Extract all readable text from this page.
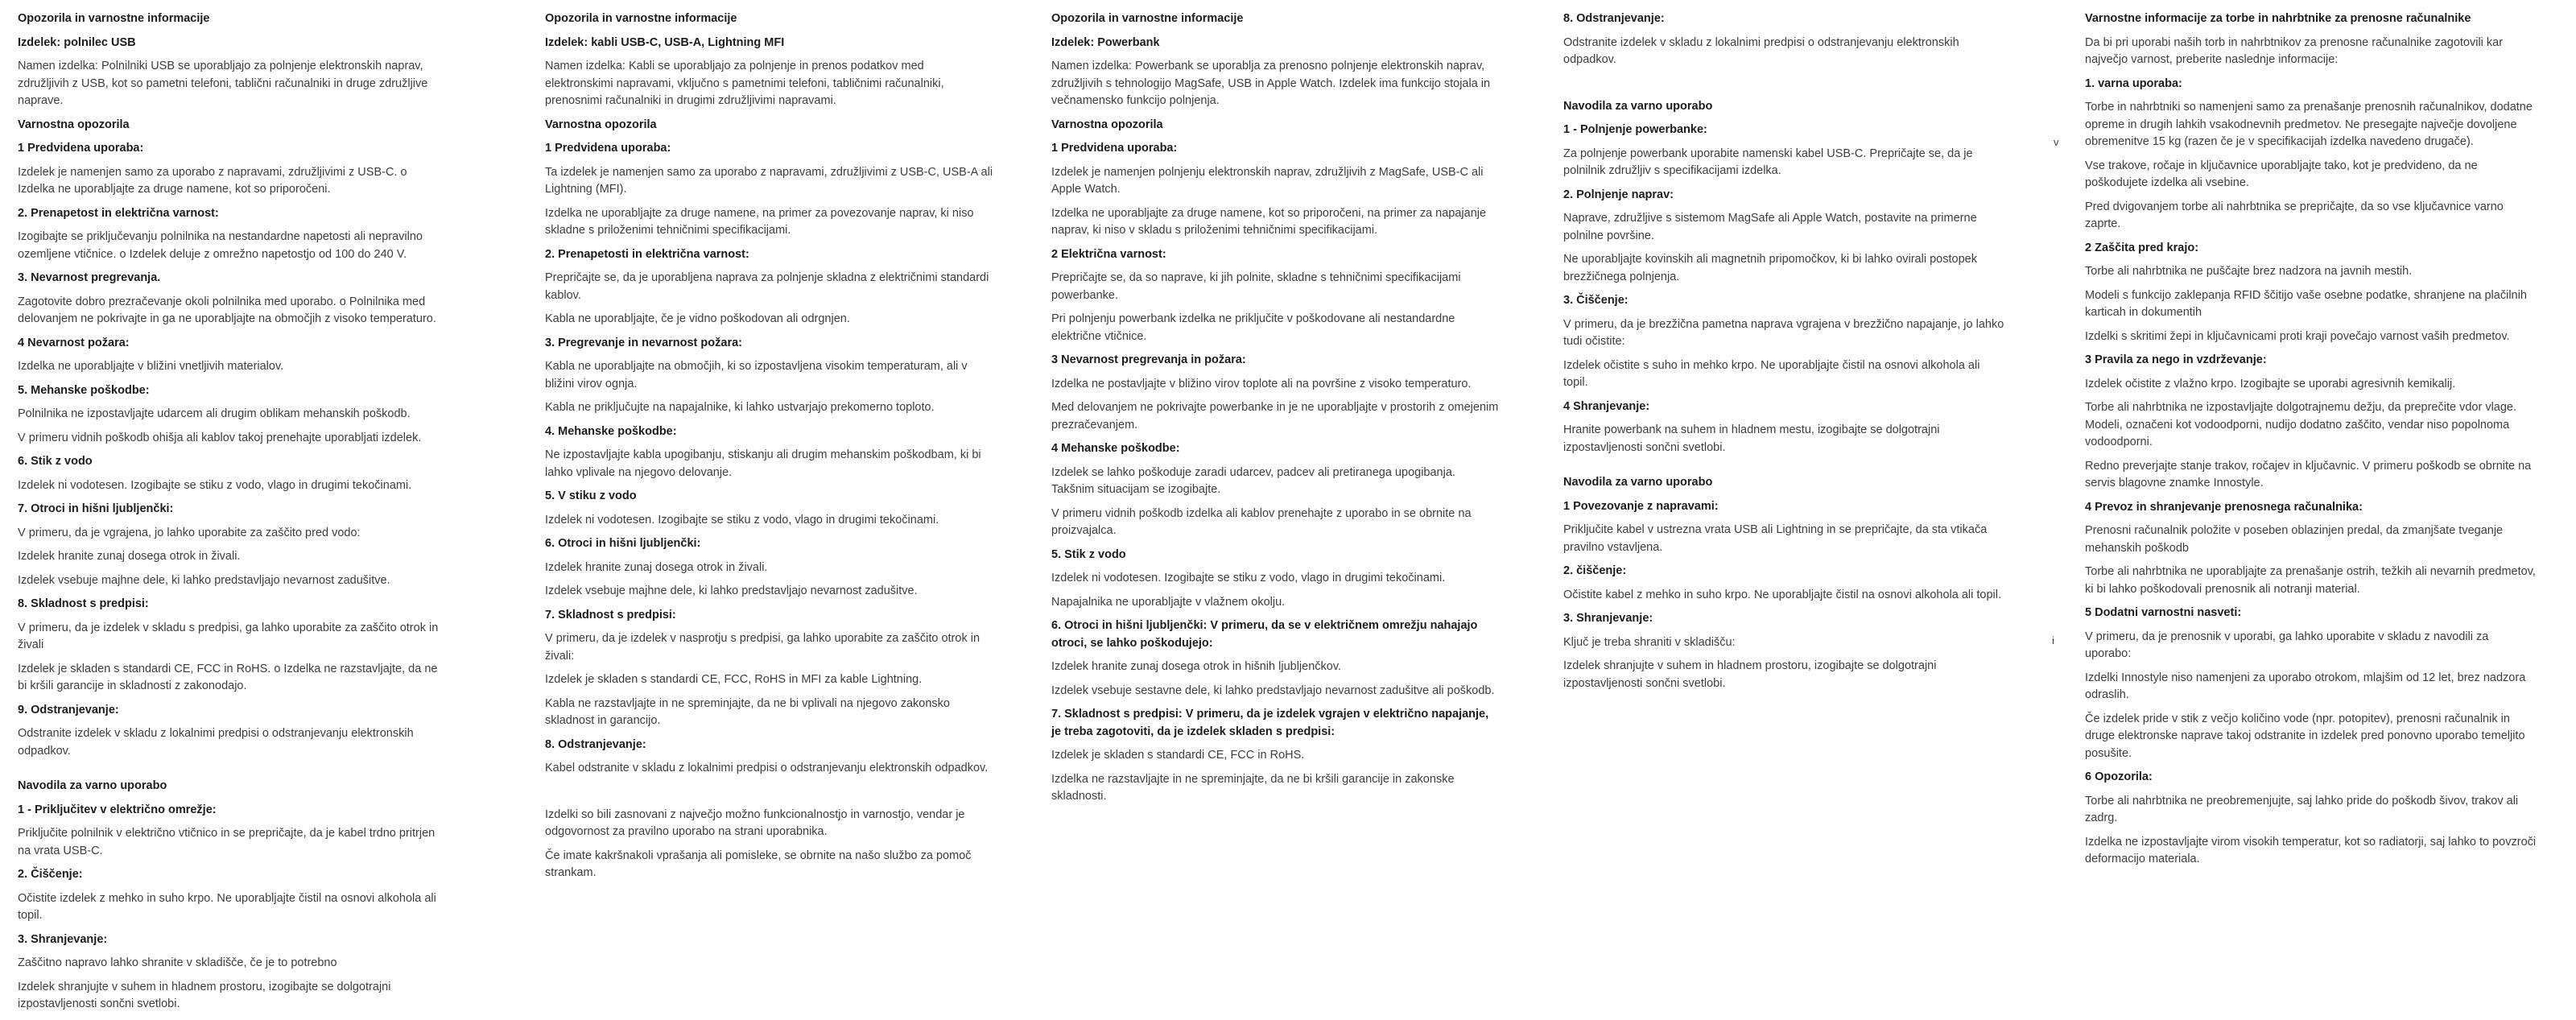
Opozorila in varnostne informacije
Izdelek: polnilec USB
Namen izdelka: Polnilniki USB se uporabljajo za polnjenje elektronskih naprav, združljivih z USB, kot so pametni telefoni, tablični računalniki in druge združljive naprave.
Varnostna opozorila
1 Predvidena uporaba:
Izdelek je namenjen samo za uporabo z napravami, združljivimi z USB-C. o Izdelka ne uporabljajte za druge namene, kot so priporočeni.
2. Prenapetost in električna varnost:
Izogibajte se priključevanju polnilnika na nestandardne napetosti ali nepravilno ozemljene vtičnice. o Izdelek deluje z omrežno napetostjo od 100 do 240 V.
3. Nevarnost pregrevanja.
Zagotovite dobro prezračevanje okoli polnilnika med uporabo. o Polnilnika med delovanjem ne pokrivajte in ga ne uporabljajte na območjih z visoko temperaturo.
4 Nevarnost požara:
Izdelka ne uporabljajte v bližini vnetljivih materialov.
5. Mehanske poškodbe:
Polnilnika ne izpostavljajte udarcem ali drugim oblikam mehanskih poškodb.
V primeru vidnih poškodb ohišja ali kablov takoj prenehajte uporabljati izdelek.
6. Stik z vodo
Izdelek ni vodotesen. Izogibajte se stiku z vodo, vlago in drugimi tekočinami.
7. Otroci in hišni ljubljenčki:
V primeru, da je vgrajena, jo lahko uporabite za zaščito pred vodo:
Izdelek hranite zunaj dosega otrok in živali.
Izdelek vsebuje majhne dele, ki lahko predstavljajo nevarnost zadušitve.
8. Skladnost s predpisi:
V primeru, da je izdelek v skladu s predpisi, ga lahko uporabite za zaščito otrok in živali
Izdelek je skladen s standardi CE, FCC in RoHS. o Izdelka ne razstavljajte, da ne bi kršili garancije in skladnosti z zakonodajo.
9. Odstranjevanje:
Odstranite izdelek v skladu z lokalnimi predpisi o odstranjevanju elektronskih odpadkov.
Navodila za varno uporabo
1 - Priključitev v električno omrežje:
Priključite polnilnik v električno vtičnico in se prepričajte, da je kabel trdno pritrjen na vrata USB-C.
2. Čiščenje:
Očistite izdelek z mehko in suho krpo. Ne uporabljajte čistil na osnovi alkohola ali topil.
3. Shranjevanje:
Zaščitno napravo lahko shranite v skladišče, če je to potrebno
Izdelek shranjujte v suhem in hladnem prostoru, izogibajte se dolgotrajni izpostavljenosti sončni svetlobi.
Opozorila in varnostne informacije
Izdelek: kabli USB-C, USB-A, Lightning MFI
Namen izdelka: Kabli se uporabljajo za polnjenje in prenos podatkov med elektronskimi napravami, vključno s pametnimi telefoni, tabličnimi računalniki, prenosnimi računalniki in drugimi združljivimi napravami.
Varnostna opozorila
1 Predvidena uporaba:
Ta izdelek je namenjen samo za uporabo z napravami, združljivimi z USB-C, USB-A ali Lightning (MFI).
Izdelka ne uporabljajte za druge namene, na primer za povezovanje naprav, ki niso skladne s priloženimi tehničnimi specifikacijami.
2. Prenapetosti in električna varnost:
Prepričajte se, da je uporabljena naprava za polnjenje skladna z električnimi standardi kablov.
Kabla ne uporabljajte, če je vidno poškodovan ali odrgnjen.
3. Pregrevanje in nevarnost požara:
Kabla ne uporabljajte na območjih, ki so izpostavljena visokim temperaturam, ali v bližini virov ognja.
Kabla ne priključujte na napajalnike, ki lahko ustvarjajo prekomerno toploto.
4. Mehanske poškodbe:
Ne izpostavljajte kabla upogibanju, stiskanju ali drugim mehanskim poškodbam, ki bi lahko vplivale na njegovo delovanje.
5. V stiku z vodo
Izdelek ni vodotesen. Izogibajte se stiku z vodo, vlago in drugimi tekočinami.
6. Otroci in hišni ljubljenčki:
Izdelek hranite zunaj dosega otrok in živali.
Izdelek vsebuje majhne dele, ki lahko predstavljajo nevarnost zadušitve.
7. Skladnost s predpisi:
V primeru, da je izdelek v nasprotju s predpisi, ga lahko uporabite za zaščito otrok in živali:
Izdelek je skladen s standardi CE, FCC, RoHS in MFI za kable Lightning.
Kabla ne razstavljajte in ne spreminjajte, da ne bi vplivali na njegovo zakonsko skladnost in garancijo.
8. Odstranjevanje:
Kabel odstranite v skladu z lokalnimi predpisi o odstranjevanju elektronskih odpadkov.
Izdelki so bili zasnovani z največjo možno funkcionalnostjo in varnostjo, vendar je odgovornost za pravilno uporabo na strani uporabnika.
Če imate kakršnakoli vprašanja ali pomisleke, se obrnite na našo službo za pomoč strankam.
Opozorila in varnostne informacije
Izdelek: Powerbank
Namen izdelka: Powerbank se uporablja za prenosno polnjenje elektronskih naprav, združljivih s tehnologijo MagSafe, USB in Apple Watch. Izdelek ima funkcijo stojala in večnamensko funkcijo polnjenja.
Varnostna opozorila
1 Predvidena uporaba:
Izdelek je namenjen polnjenju elektronskih naprav, združljivih z MagSafe, USB-C ali Apple Watch.
Izdelka ne uporabljajte za druge namene, kot so priporočeni, na primer za napajanje naprav, ki niso v skladu s priloženimi tehničnimi specifikacijami.
2 Električna varnost:
Prepričajte se, da so naprave, ki jih polnite, skladne s tehničnimi specifikacijami powerbanke.
Pri polnjenju powerbank izdelka ne priključite v poškodovane ali nestandardne električne vtičnice.
3 Nevarnost pregrevanja in požara:
Izdelka ne postavljajte v bližino virov toplote ali na površine z visoko temperaturo.
Med delovanjem ne pokrivajte powerbanke in je ne uporabljajte v prostorih z omejenim prezračevanjem.
4 Mehanske poškodbe:
Izdelek se lahko poškoduje zaradi udarcev, padcev ali pretiranega upogibanja. Takšnim situacijam se izogibajte.
V primeru vidnih poškodb izdelka ali kablov prenehajte z uporabo in se obrnite na proizvajalca.
5. Stik z vodo
Izdelek ni vodotesen. Izogibajte se stiku z vodo, vlago in drugimi tekočinami.
Napajalnika ne uporabljajte v vlažnem okolju.
6. Otroci in hišni ljubljenčki: V primeru, da se v električnem omrežju nahajajo otroci, se lahko poškodujejo:
Izdelek hranite zunaj dosega otrok in hišnih ljubljenčkov.
Izdelek vsebuje sestavne dele, ki lahko predstavljajo nevarnost zadušitve ali poškodb.
7. Skladnost s predpisi: V primeru, da je izdelek vgrajen v električno napajanje, je treba zagotoviti, da je izdelek skladen s predpisi:
Izdelek je skladen s standardi CE, FCC in RoHS.
Izdelka ne razstavljajte in ne spreminjajte, da ne bi kršili garancije in zakonske skladnosti.
8. Odstranjevanje:
Odstranite izdelek v skladu z lokalnimi predpisi o odstranjevanju elektronskih odpadkov.
Navodila za varno uporabo
1 - Polnjenje powerbanke:
Za polnjenje powerbank uporabite namenski kabel USB-C. Prepričajte se, da je polnilnik združljiv s specifikacijami izdelka.
2. Polnjenje naprav:
Naprave, združljive s sistemom MagSafe ali Apple Watch, postavite na primerne polnilne površine.
Ne uporabljajte kovinskih ali magnetnih pripomočkov, ki bi lahko ovirali postopek brezžičnega polnjenja.
3. Čiščenje:
V primeru, da je brezžična pametna naprava vgrajena v brezžično napajanje, jo lahko tudi očistite:
Izdelek očistite s suho in mehko krpo. Ne uporabljajte čistil na osnovi alkohola ali topil.
4 Shranjevanje:
Hranite powerbank na suhem in hladnem mestu, izogibajte se dolgotrajni izpostavljenosti sončni svetlobi.
Navodila za varno uporabo
1 Povezovanje z napravami:
Priključite kabel v ustrezna vrata USB ali Lightning in se prepričajte, da sta vtikača pravilno vstavljena.
2. čiščenje:
Očistite kabel z mehko in suho krpo. Ne uporabljajte čistil na osnovi alkohola ali topil.
3. Shranjevanje:
Ključ je treba shraniti v skladišču:
Izdelek shranjujte v suhem in hladnem prostoru, izogibajte se dolgotrajni izpostavljenosti sončni svetlobi.
Varnostne informacije za torbe in nahrbtnike za prenosne računalnike
Da bi pri uporabi naših torb in nahrbtnikov za prenosne računalnike zagotovili kar največjo varnost, preberite naslednje informacije:
1. varna uporaba:
Torbe in nahrbtniki so namenjeni samo za prenašanje prenosnih računalnikov, dodatne opreme in drugih lahkih vsakodnevnih predmetov. Ne presegajte največje dovoljene obremenitve 15 kg (razen če je v specifikacijah izdelka navedeno drugače).
Vse trakove, ročaje in ključavnice uporabljajte tako, kot je predvideno, da ne poškodujete izdelka ali vsebine.
Pred dvigovanjem torbe ali nahrbtnika se prepričajte, da so vse ključavnice varno zaprte.
2 Zaščita pred krajo:
Torbe ali nahrbtnika ne puščajte brez nadzora na javnih mestih.
Modeli s funkcijo zaklepanja RFID ščitijo vaše osebne podatke, shranjene na plačilnih karticah in dokumentih
Izdelki s skritimi žepi in ključavnicami proti kraji povečajo varnost vaših predmetov.
3 Pravila za nego in vzdrževanje:
Izdelek očistite z vlažno krpo. Izogibajte se uporabi agresivnih kemikalij.
Torbe ali nahrbtnika ne izpostavljajte dolgotrajnemu dežju, da preprečite vdor vlage. Modeli, označeni kot vodoodporni, nudijo dodatno zaščito, vendar niso popolnoma vodoodporni.
Redno preverjajte stanje trakov, ročajev in ključavnic. V primeru poškodb se obrnite na servis blagovne znamke Innostyle.
4 Prevoz in shranjevanje prenosnega računalnika:
Prenosni računalnik položite v poseben oblazinjen predal, da zmanjšate tveganje mehanskih poškodb
Torbe ali nahrbtnika ne uporabljajte za prenašanje ostrih, težkih ali nevarnih predmetov, ki bi lahko poškodovali prenosnik ali notranji material.
5 Dodatni varnostni nasveti:
V primeru, da je prenosnik v uporabi, ga lahko uporabite v skladu z navodili za uporabo:
Izdelki Innostyle niso namenjeni za uporabo otrokom, mlajšim od 12 let, brez nadzora odraslih.
Če izdelek pride v stik z večjo količino vode (npr. potopitev), prenosni računalnik in druge elektronske naprave takoj odstranite in izdelek pred ponovno uporabo temeljito posušite.
6 Opozorila:
Torbe ali nahrbtnika ne preobremenjujte, saj lahko pride do poškodb šivov, trakov ali zadrg.
Izdelka ne izpostavljajte virom visokih temperatur, kot so radiatorji, saj lahko to povzroči deformacijo materiala.
v
i
